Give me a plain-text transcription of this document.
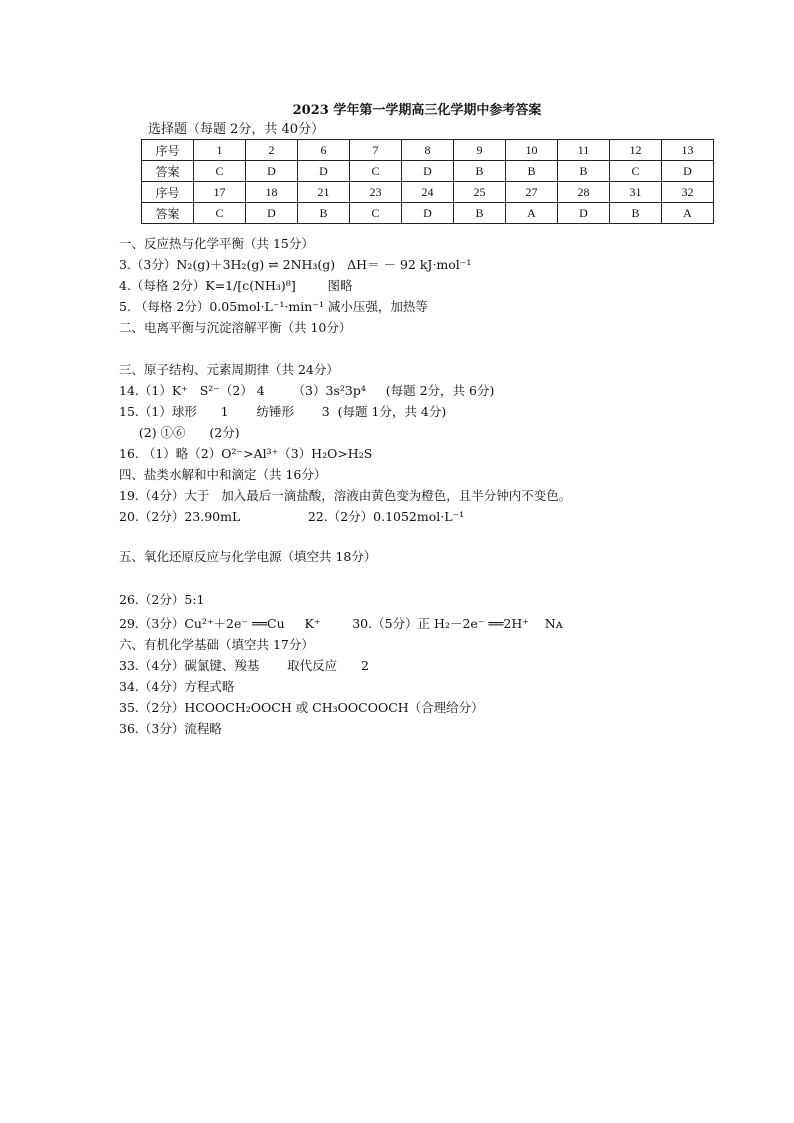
2023 学年第一学期高三化学期中参考答案
选择题（每题 2分，共 40分）
序号	1	2	6	7	8	9	10	11	12	13
答案	C	D	D	C	D	B	B	B	C	D
序号	17	18	21	23	24	25	27	28	31	32
答案	C	D	B	C	D	B	A	D	B	A
一、反应热与化学平衡（共 15分）
3.（3分）N₂(g)＋3H₂(g) ⇌ 2NH₃(g)   ΔH＝ － 92 kJ·mol⁻¹
4.（每格 2分）K=1/[c(NH₃)⁸]        图略
5. （每格 2分）0.05mol·L⁻¹·min⁻¹ 减小压强，加热等
二、电离平衡与沉淀溶解平衡（共 10分）
三、原子结构、元素周期律（共 24分）
14.（1）K⁺   S²⁻（2） 4       （3）3s²3p⁴     (每题 2分，共 6分)
15.（1）球形      1       纺锤形       3  (每题 1分，共 4分)
(2) ①⑥      (2分)
16. （1）略（2）O²⁻>Al³⁺（3）H₂O>H₂S
四、盐类水解和中和滴定（共 16分）
19.（4分）大于   加入最后一滴盐酸，溶液由黄色变为橙色，且半分钟内不变色。
20.（2分）23.90mL                 22.（2分）0.1052mol·L⁻¹
五、氧化还原反应与化学电源（填空共 18分）
26.（2分）5:1
29.（3分）Cu²⁺＋2e⁻ ══Cu     K⁺        30.（5分）正 H₂－2e⁻ ══2H⁺    Nᴀ
六、有机化学基础（填空共 17分）
33.（4分）碳氯键、羧基       取代反应      2
34.（4分）方程式略
35.（2分）HCOOCH₂OOCH 或 CH₃OOCOOCH（合理给分）
36.（3分）流程略
